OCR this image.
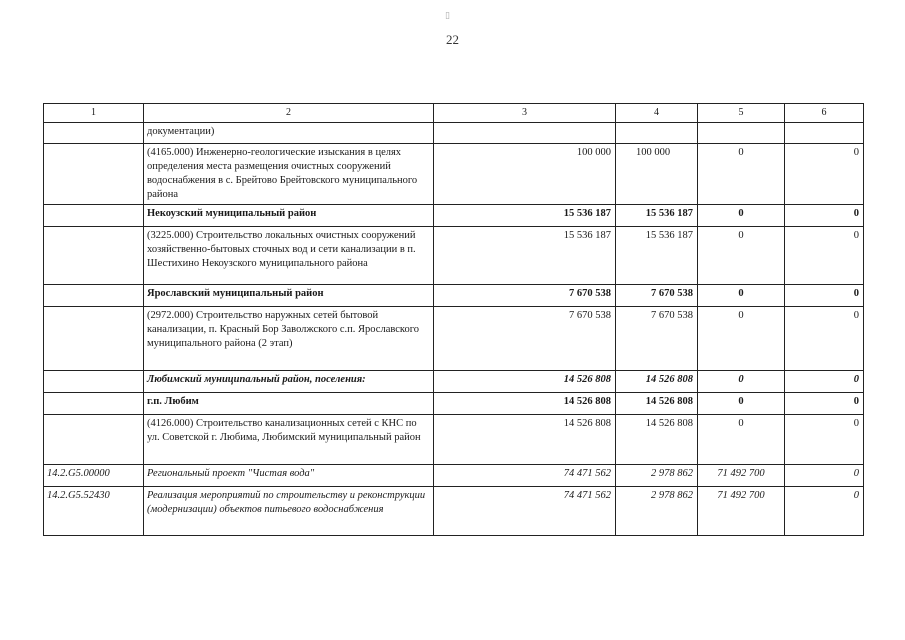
▯
22
1	2	3	4	5	6
	документации)				
	(4165.000) Инженерно-геологические изыскания в целях определения места размещения очистных сооружений водоснабжения в с. Брейтово Брейтовского муниципального района	100 000	100 000	0	0
	Некоузский муниципальный район	15 536 187	15 536 187	0	0
	(3225.000) Строительство локальных очистных сооружений хозяйственно-бытовых сточных вод и сети канализации в п. Шестихино Некоузского муниципального района	15 536 187	15 536 187	0	0
	Ярославский муниципальный район	7 670 538	7 670 538	0	0
	(2972.000) Строительство наружных сетей бытовой канализации, п. Красный Бор Заволжского с.п. Ярославского муниципального района (2 этап)	7 670 538	7 670 538	0	0
	Любимский муниципальный район, поселения:	14 526 808	14 526 808	0	0
	г.п. Любим	14 526 808	14 526 808	0	0
	(4126.000) Строительство канализационных сетей с КНС по ул. Советской г. Любима, Любимский муниципальный район	14 526 808	14 526 808	0	0
14.2.G5.00000	Региональный проект "Чистая вода"	74 471 562	2 978 862	71 492 700	0
14.2.G5.52430	Реализация мероприятий по строительству и реконструкции (модернизации) объектов питьевого водоснабжения	74 471 562	2 978 862	71 492 700	0
